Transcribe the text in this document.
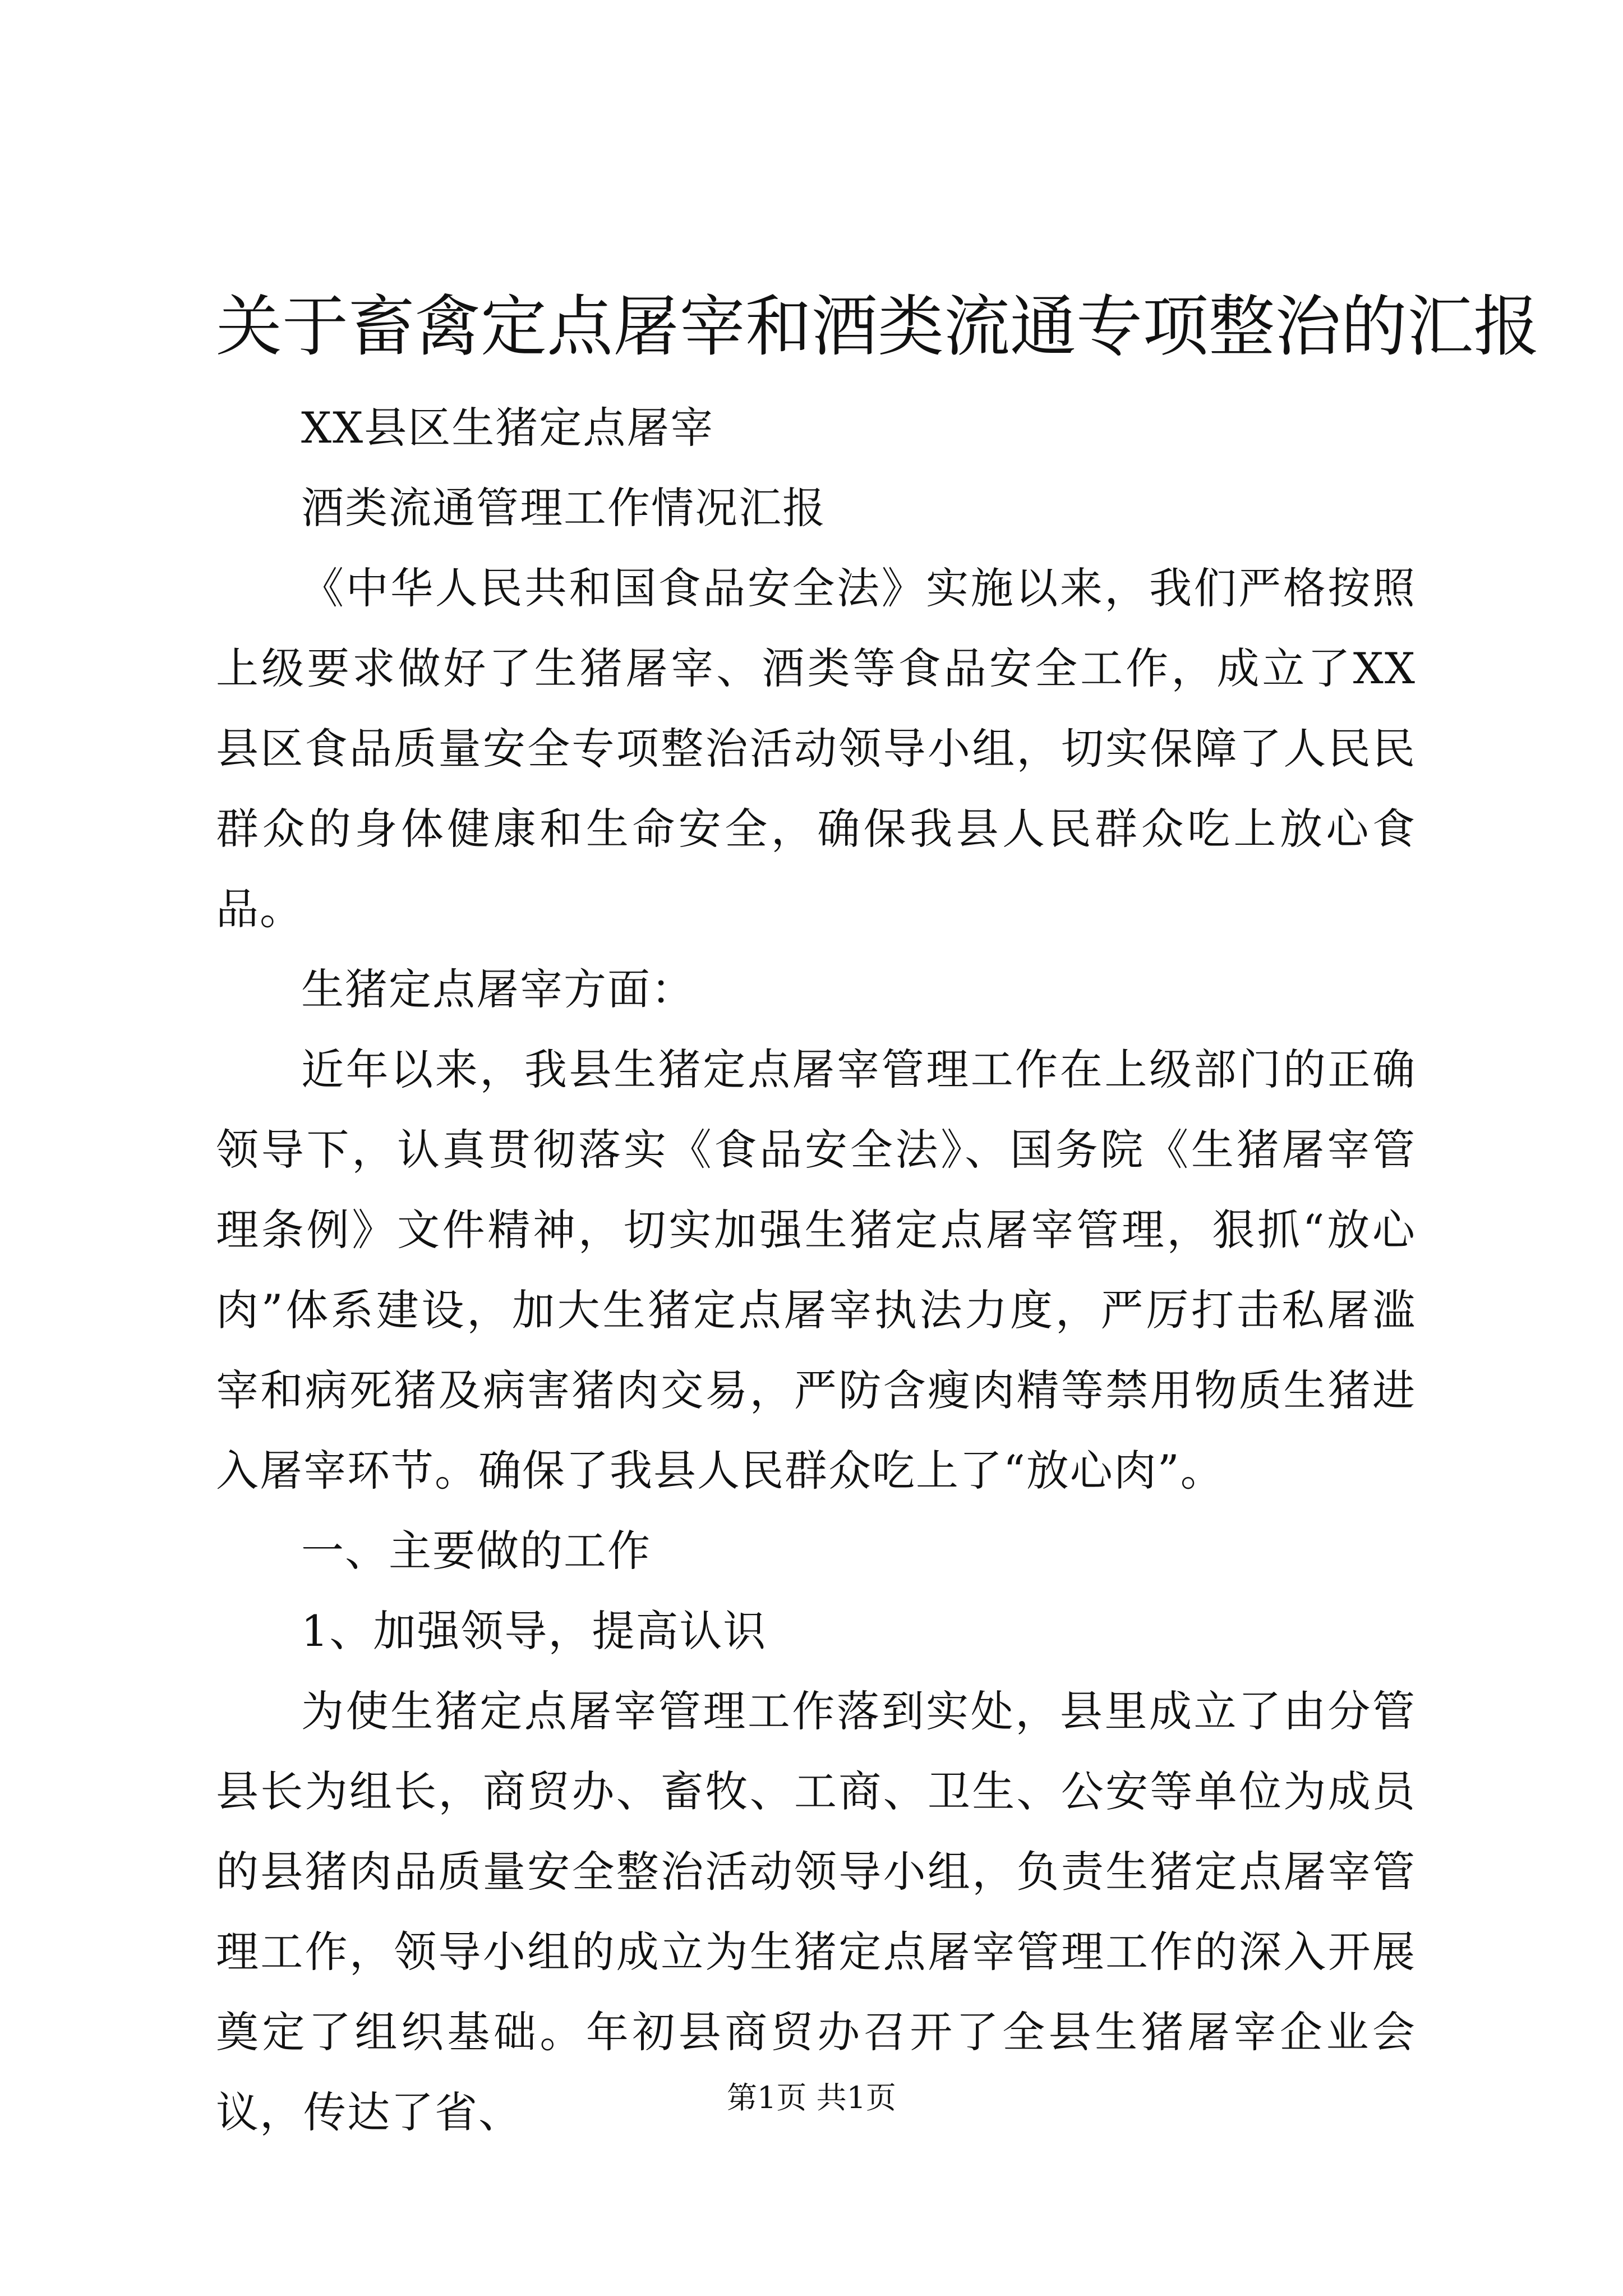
关于畜禽定点屠宰和酒类流通专项整治的汇报

XX县区生猪定点屠宰

酒类流通管理工作情况汇报

《中华人民共和国食品安全法》实施以来，我们严格按照上级要求做好了生猪屠宰、酒类等食品安全工作，成立了XX县区食品质量安全专项整治活动领导小组，切实保障了人民民群众的身体健康和生命安全，确保我县人民群众吃上放心食品。

生猪定点屠宰方面：

近年以来，我县生猪定点屠宰管理工作在上级部门的正确领导下，认真贯彻落实《食品安全法》、国务院《生猪屠宰管理条例》文件精神，切实加强生猪定点屠宰管理，狠抓“放心肉”体系建设，加大生猪定点屠宰执法力度，严厉打击私屠滥宰和病死猪及病害猪肉交易，严防含瘦肉精等禁用物质生猪进入屠宰环节。确保了我县人民群众吃上了“放心肉”。

一、主要做的工作

1、加强领导，提高认识

为使生猪定点屠宰管理工作落到实处，县里成立了由分管县长为组长，商贸办、畜牧、工商、卫生、公安等单位为成员的县猪肉品质量安全整治活动领导小组，负责生猪定点屠宰管理工作，领导小组的成立为生猪定点屠宰管理工作的深入开展奠定了组织基础。年初县商贸办召开了全县生猪屠宰企业会议，传达了省、	第1页 共1页
